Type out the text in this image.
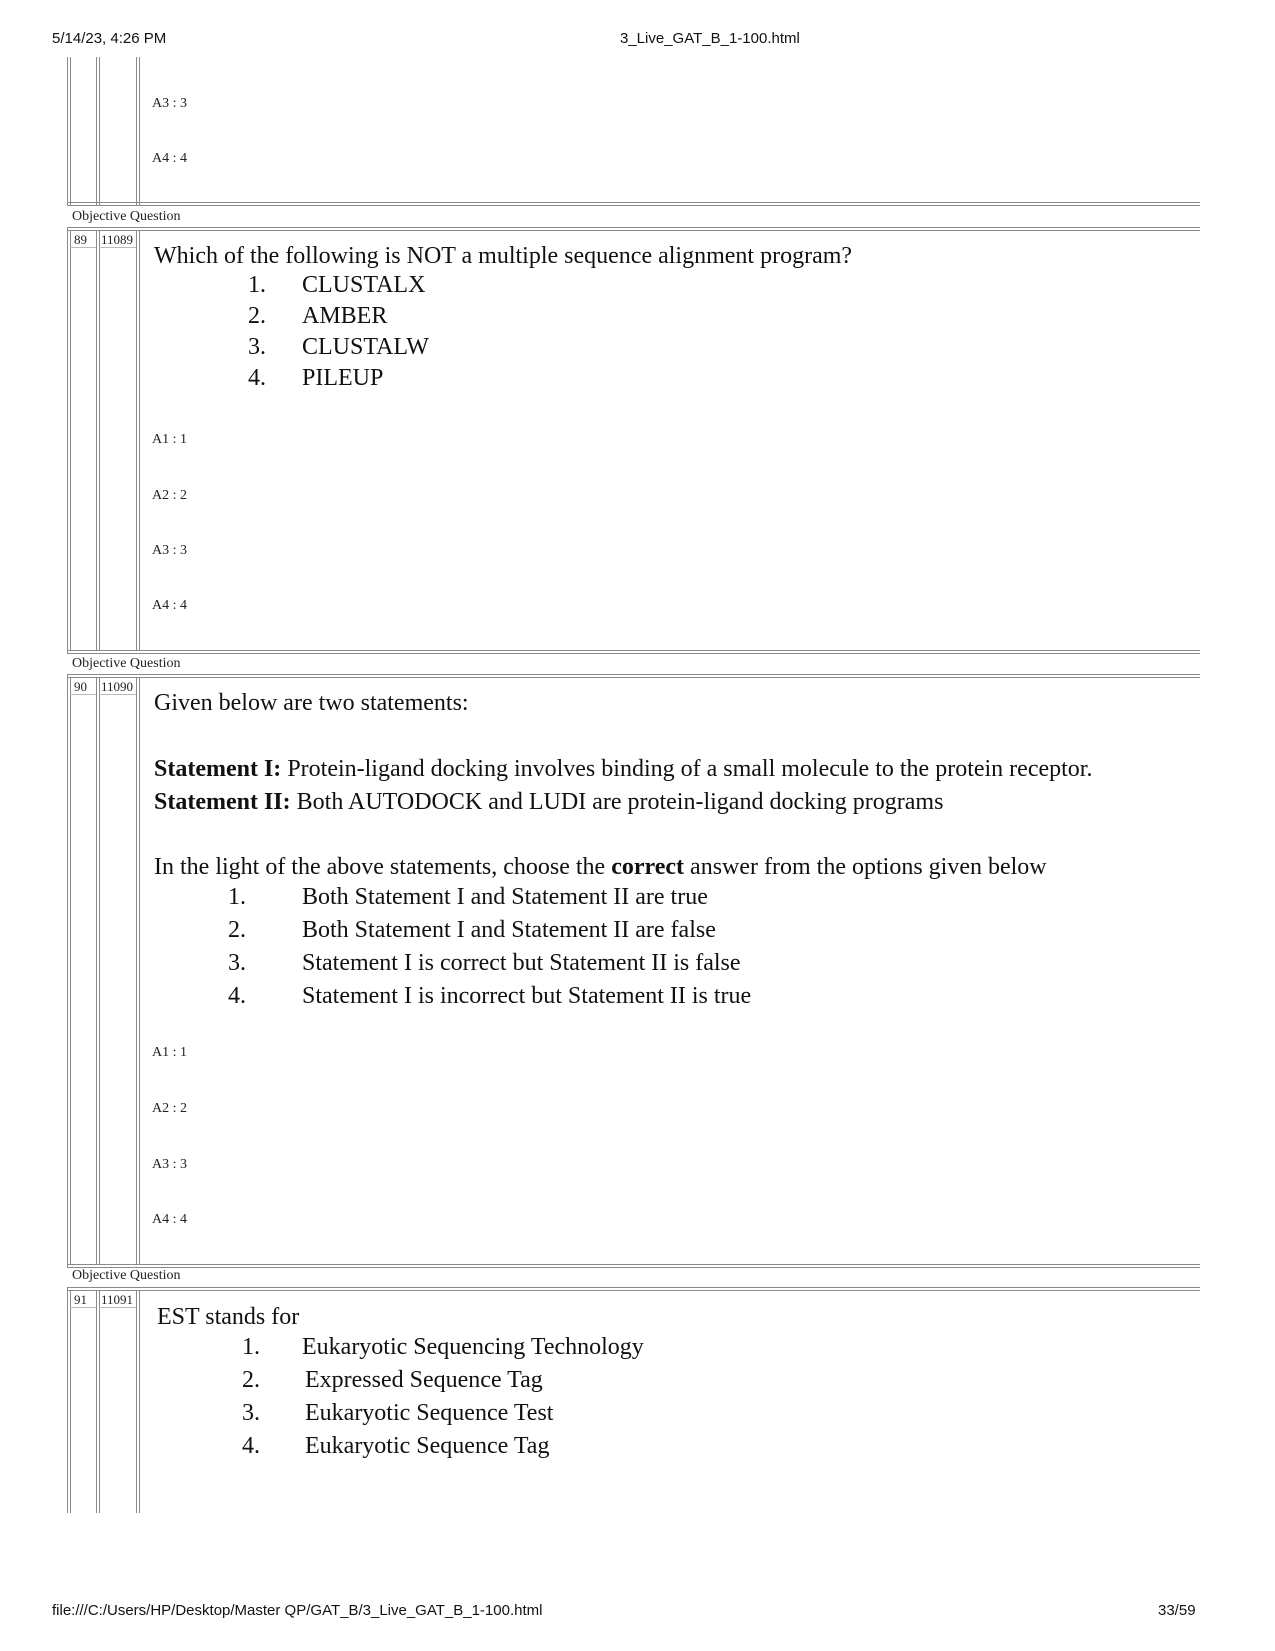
5/14/23, 4:26 PM	3_Live_GAT_B_1-100.html
A3 : 3
A4 : 4
Objective Question
89 11089
Which of the following is NOT a multiple sequence alignment program?
1. CLUSTALX
2. AMBER
3. CLUSTALW
4. PILEUP
A1 : 1
A2 : 2
A3 : 3
A4 : 4
Objective Question
90 11090
Given below are two statements:
Statement I: Protein-ligand docking involves binding of a small molecule to the protein receptor.
Statement II: Both AUTODOCK and LUDI are protein-ligand docking programs
In the light of the above statements, choose the correct answer from the options given below
1. Both Statement I and Statement II are true
2. Both Statement I and Statement II are false
3. Statement I is correct but Statement II is false
4. Statement I is incorrect but Statement II is true
A1 : 1
A2 : 2
A3 : 3
A4 : 4
Objective Question
91 11091
EST stands for
1. Eukaryotic Sequencing Technology
2. Expressed Sequence Tag
3. Eukaryotic Sequence Test
4. Eukaryotic Sequence Tag
file:///C:/Users/HP/Desktop/Master QP/GAT_B/3_Live_GAT_B_1-100.html	33/59
